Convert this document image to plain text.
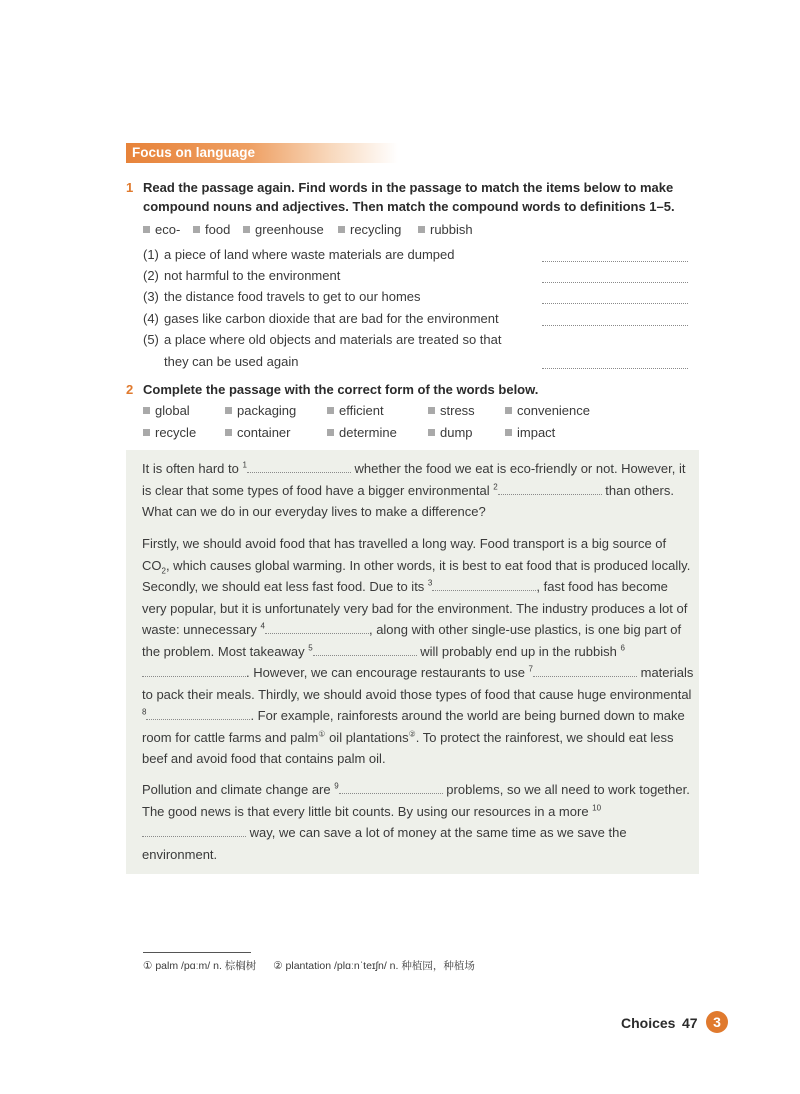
Focus on language
1 Read the passage again. Find words in the passage to match the items below to make
compound nouns and adjectives. Then match the compound words to definitions 1–5.
eco-	food	greenhouse	recycling	rubbish
(1) a piece of land where waste materials are dumped
(2) not harmful to the environment
(3) the distance food travels to get to our homes
(4) gases like carbon dioxide that are bad for the environment
(5) a place where old objects and materials are treated so that
they can be used again
2 Complete the passage with the correct form of the words below.
global	packaging	efficient	stress	convenience
recycle	container	determine	dump	impact
It is often hard to $^1$	whether the food we eat is eco-friendly or not. However, it is clear that some types of food have a bigger environmental $^2$	than others. What can we do in our everyday lives to make a difference?
Firstly, we should avoid food that has travelled a long way. Food transport is a big source of $CO_2$, which causes global warming. In other words, it is best to eat food that is produced locally. Secondly, we should eat less fast food. Due to its $^3$	, fast food has become very popular, but it is unfortunately very bad for the environment. The industry produces a lot of waste: unnecessary $^4$	, along with other single-use plastics, is one big part of the problem. Most takeaway $^5$	will probably end up in the rubbish $^6$. However, we can encourage restaurants to use $^7$	materials to pack their meals. Thirdly, we should avoid those types of food that cause huge environmental $^8$	. For example, rainforests around the world are being burned down to make room for cattle farms and palm① oil plantations②. To protect the rainforest, we should eat less beef and avoid food that contains palm oil.
Pollution and climate change are $^9$	problems, so we all need to work together. The good news is that every little bit counts. By using our resources in a more $^{10}$ way, we can save a lot of money at the same time as we save the environment.
① palm /pɑːm/ n. 棕榈树 ② plantation /plɑːnˈteɪʃn/ n. 种植园，种植场
Choices 47	3
